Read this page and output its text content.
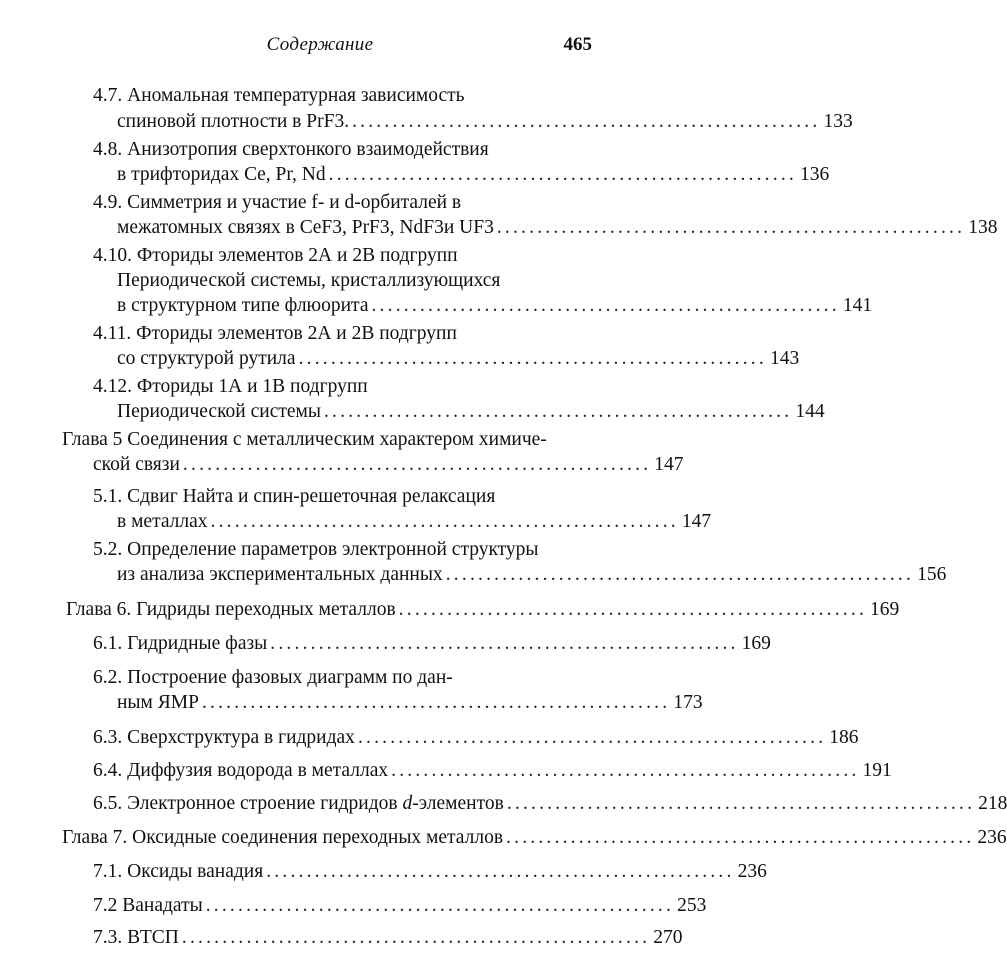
Содержание	465
4.7. Аномальная температурная зависимость
спиновой плотности в PrF3. .......................................................... 133
4.8. Анизотропия сверхтонкого взаимодействия
в трифторидах Ce, Pr, Nd .......................................................... 136
4.9. Симметрия и участие f- и d-орбиталей в
межатомных связях в CeF3, PrF3, NdF3и UF3 .......................................................... 138
4.10. Фториды элементов 2А и 2В подгрупп
Периодической системы, кристаллизующихся
в структурном типе флюорита .......................................................... 141
4.11. Фториды элементов 2А и 2В подгрупп
со структурой рутила .......................................................... 143
4.12. Фториды 1А и 1В подгрупп
Периодической системы .......................................................... 144
Глава 5 Соединения с металлическим характером химиче-
ской связи .......................................................... 147
5.1. Сдвиг Найта и спин-решеточная релаксация
в металлах .......................................................... 147
5.2. Определение параметров электронной структуры
из анализа экспериментальных данных .......................................................... 156
Глава 6. Гидриды переходных металлов .......................................................... 169
6.1. Гидридные фазы .......................................................... 169
6.2. Построение фазовых диаграмм по дан-
ным ЯМР .......................................................... 173
6.3. Сверхструктура в гидридах .......................................................... 186
6.4. Диффузия водорода в металлах .......................................................... 191
6.5. Электронное строение гидридов d-элементов .......................................................... 218
Глава 7. Оксидные соединения переходных металлов .......................................................... 236
7.1. Оксиды ванадия .......................................................... 236
7.2 Ванадаты .......................................................... 253
7.3. ВТСП .......................................................... 270
